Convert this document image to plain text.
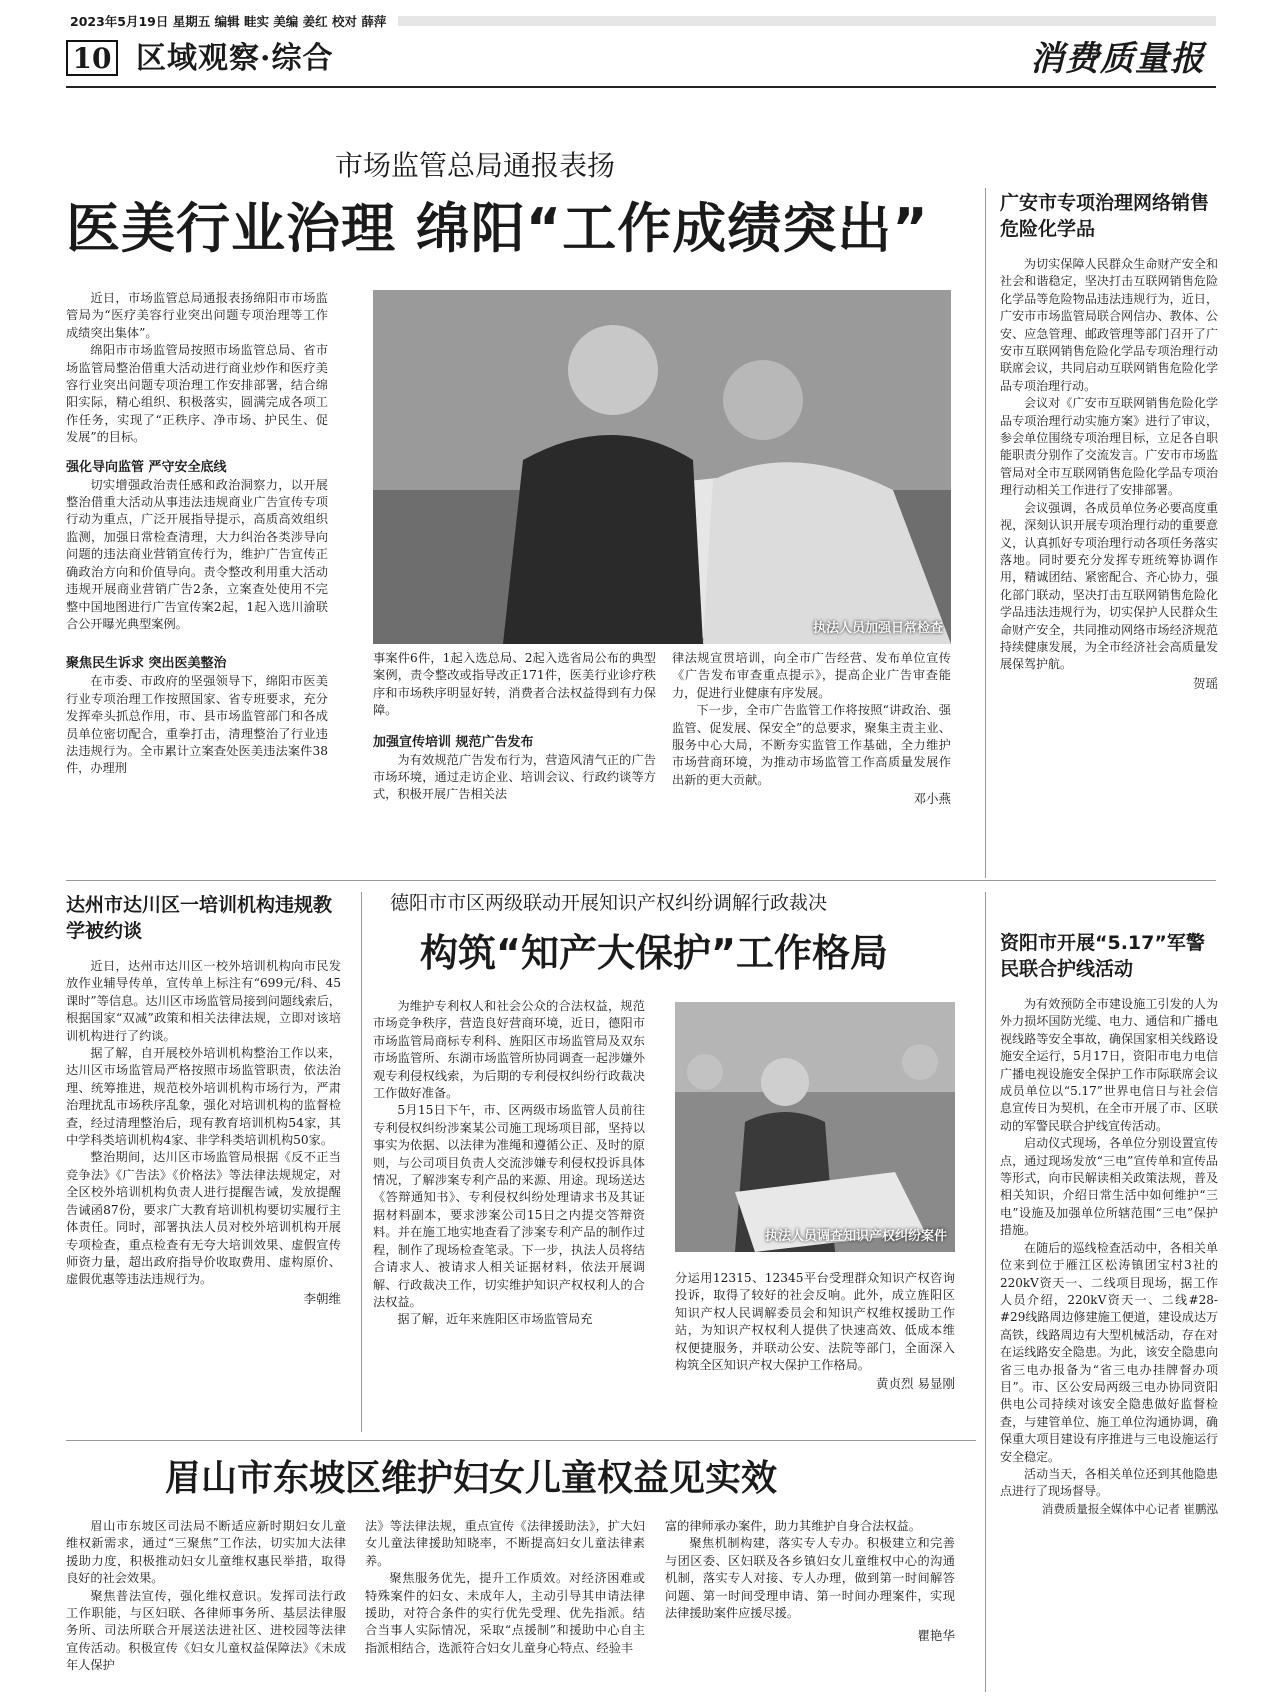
2023年5月19日 星期五 编辑 畦实 美编 姜红 校对 薛萍
10 区域观察·综合	消费质量报
市场监管总局通报表扬
医美行业治理 绵阳“工作成绩突出”

近日，市场监管总局通报表扬绵阳市市场监管局为“医疗美容行业突出问题专项治理等工作成绩突出集体”。

绵阳市市场监管局按照市场监管总局、省市场监管局整治借重大活动进行商业炒作和医疗美容行业突出问题专项治理工作安排部署，结合绵阳实际，精心组织、积极落实，圆满完成各项工作任务，实现了“正秩序、净市场、护民生、促发展”的目标。

强化导向监管 严守安全底线

切实增强政治责任感和政治洞察力，以开展整治借重大活动从事违法违规商业广告宣传专项行动为重点，广泛开展指导提示，高质高效组织监测，加强日常检查清理，大力纠治各类涉导向问题的违法商业营销宣传行为，维护广告宣传正确政治方向和价值导向。责令整改利用重大活动违规开展商业营销广告2条，立案查处使用不完整中国地图进行广告宣传案2起，1起入选川渝联合公开曝光典型案例。

聚焦民生诉求 突出医美整治

在市委、市政府的坚强领导下，绵阳市医美行业专项治理工作按照国家、省专班要求，充分发挥牵头抓总作用，市、县市场监管部门和各成员单位密切配合，重拳打击，清理整治了行业违法违规行为。全市累计立案查处医美违法案件38件，办理刑

执法人员加强日常检查

事案件6件，1起入选总局、2起入选省局公布的典型案例，责令整改或指导改正171件，医美行业诊疗秩序和市场秩序明显好转，消费者合法权益得到有力保障。

加强宣传培训 规范广告发布

为有效规范广告发布行为，营造风清气正的广告市场环境，通过走访企业、培训会议、行政约谈等方式，积极开展广告相关法

律法规宣贯培训，向全市广告经营、发布单位宣传《广告发布审查重点提示》，提高企业广告审查能力，促进行业健康有序发展。

下一步，全市广告监管工作将按照“讲政治、强监管、促发展、保安全”的总要求，聚集主责主业、服务中心大局，不断夯实监管工作基础，全力维护市场营商环境，为推动市场监管工作高质量发展作出新的更大贡献。

邓小燕
广安市专项治理网络销售危险化学品

为切实保障人民群众生命财产安全和社会和谐稳定，坚决打击互联网销售危险化学品等危险物品违法违规行为，近日，广安市市场监管局联合网信办、教体、公安、应急管理、邮政管理等部门召开了广安市互联网销售危险化学品专项治理行动联席会议，共同启动互联网销售危险化学品专项治理行动。

会议对《广安市互联网销售危险化学品专项治理行动实施方案》进行了审议，参会单位围绕专项治理目标，立足各自职能职责分别作了交流发言。广安市市场监管局对全市互联网销售危险化学品专项治理行动相关工作进行了安排部署。

会议强调，各成员单位务必要高度重视，深刻认识开展专项治理行动的重要意义，认真抓好专项治理行动各项任务落实落地。同时要充分发挥专班统筹协调作用，精诚团结、紧密配合、齐心协力，强化部门联动，坚决打击互联网销售危险化学品违法违规行为，切实保护人民群众生命财产安全，共同推动网络市场经济规范持续健康发展，为全市经济社会高质量发展保驾护航。

贺瑶
达州市达川区一培训机构违规教学被约谈

近日，达州市达川区一校外培训机构向市民发放作业辅导传单，宣传单上标注有“699元/科、45课时”等信息。达川区市场监管局接到问题线索后，根据国家“双减”政策和相关法律法规，立即对该培训机构进行了约谈。

据了解，自开展校外培训机构整治工作以来，达川区市场监管局严格按照市场监管职责，依法治理、统筹推进，规范校外培训机构市场行为，严肃治理扰乱市场秩序乱象，强化对培训机构的监督检查，经过清理整治后，现有教育培训机构54家，其中学科类培训机构4家、非学科类培训机构50家。

整治期间，达川区市场监管局根据《反不正当竞争法》《广告法》《价格法》等法律法规规定，对全区校外培训机构负责人进行提醒告诫，发放提醒告诫函87份，要求广大教育培训机构要切实履行主体责任。同时，部署执法人员对校外培训机构开展专项检查，重点检查有无夸大培训效果、虚假宣传师资力量，超出政府指导价收取费用、虚构原价、虚假优惠等违法违规行为。

李朝维
德阳市市区两级联动开展知识产权纠纷调解行政裁决
构筑“知产大保护”工作格局

为维护专利权人和社会公众的合法权益，规范市场竞争秩序，营造良好营商环境，近日，德阳市市场监管局商标专利科、旌阳区市场监管局及双东市场监管所、东湖市场监管所协同调查一起涉嫌外观专利侵权线索，为后期的专利侵权纠纷行政裁决工作做好准备。

5月15日下午，市、区两级市场监管人员前往专利侵权纠纷涉案某公司施工现场项目部，坚持以事实为依据、以法律为准绳和遵循公正、及时的原则，与公司项目负责人交流涉嫌专利侵权投诉具体情况，了解涉案专利产品的来源、用途。现场送达《答辩通知书》、专利侵权纠纷处理请求书及其证据材料副本，要求涉案公司15日之内提交答辩资料。并在施工地实地查看了涉案专利产品的制作过程，制作了现场检查笔录。下一步，执法人员将结合请求人、被请求人相关证据材料，依法开展调解、行政裁决工作，切实维护知识产权权利人的合法权益。

据了解，近年来旌阳区市场监管局充

执法人员调查知识产权纠纷案件

分运用12315、12345平台受理群众知识产权咨询投诉，取得了较好的社会反响。此外，成立旌阳区知识产权人民调解委员会和知识产权维权援助工作站，为知识产权权利人提供了快速高效、低成本维权便捷服务，并联动公安、法院等部门，全面深入构筑全区知识产权大保护工作格局。

黄贞烈 易显刚
资阳市开展“5.17”军警民联合护线活动

为有效预防全市建设施工引发的人为外力损坏国防光缆、电力、通信和广播电视线路等安全事故，确保国家相关线路设施安全运行，5月17日，资阳市电力电信广播电视设施安全保护工作市际联席会议成员单位以“5.17”世界电信日与社会信息宣传日为契机，在全市开展了市、区联动的军警民联合护线宣传活动。

启动仪式现场，各单位分别设置宣传点，通过现场发放“三电”宣传单和宣传品等形式，向市民解读相关政策法规，普及相关知识，介绍日常生活中如何维护“三电”设施及加强单位所辖范围“三电”保护措施。

在随后的巡线检查活动中，各相关单位来到位于雁江区松涛镇团宝村3社的220kV资天一、二线项目现场，据工作人员介绍，220kV资天一、二线#28-#29线路周边修建施工便道，建设成达万高铁，线路周边有大型机械活动，存在对在运线路安全隐患。为此，该安全隐患向省三电办报备为“省三电办挂牌督办项目”。市、区公安局两级三电办协同资阳供电公司持续对该安全隐患做好监督检查，与建管单位、施工单位沟通协调，确保重大项目建设有序推进与三电设施运行安全稳定。

活动当天，各相关单位还到其他隐患点进行了现场督导。

消费质量报全媒体中心记者 崔鹏泓
眉山市东坡区维护妇女儿童权益见实效

眉山市东坡区司法局不断适应新时期妇女儿童维权新需求，通过“三聚焦”工作法，切实加大法律援助力度，积极推动妇女儿童维权惠民举措，取得良好的社会效果。

聚焦普法宣传，强化维权意识。发挥司法行政工作职能，与区妇联、各律师事务所、基层法律服务所、司法所联合开展送法进社区、进校园等法律宣传活动。积极宣传《妇女儿童权益保障法》《未成年人保护

法》等法律法规，重点宣传《法律援助法》，扩大妇女儿童法律援助知晓率，不断提高妇女儿童法律素养。

聚焦服务优先，提升工作质效。对经济困难或特殊案件的妇女、未成年人，主动引导其申请法律援助，对符合条件的实行优先受理、优先指派。结合当事人实际情况，采取“点援制”和援助中心自主指派相结合，选派符合妇女儿童身心特点、经验丰

富的律师承办案件，助力其维护自身合法权益。

聚焦机制构建，落实专人专办。积极建立和完善与团区委、区妇联及各乡镇妇女儿童维权中心的沟通机制，落实专人对接、专人办理，做到第一时间解答问题、第一时间受理申请、第一时间办理案件，实现法律援助案件应援尽援。

瞿艳华
